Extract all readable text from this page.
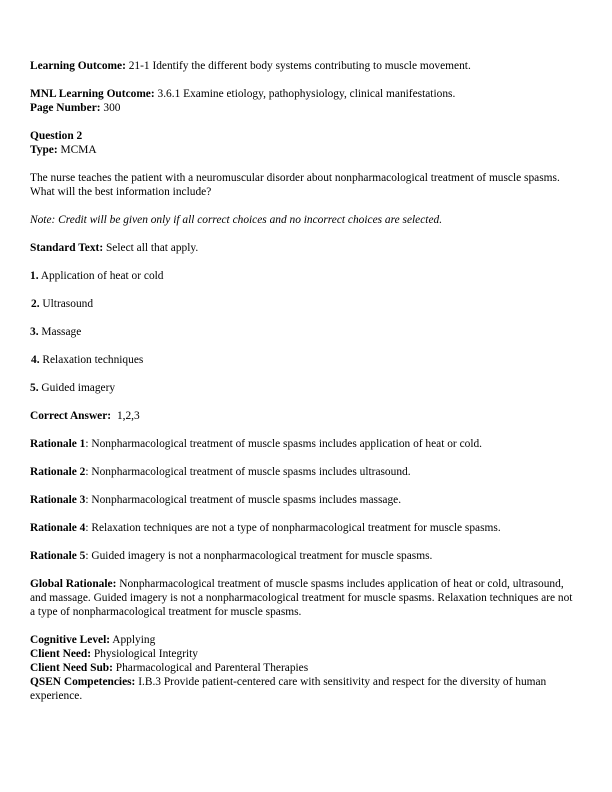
Learning Outcome: 21-1 Identify the different body systems contributing to muscle movement.
MNL Learning Outcome: 3.6.1 Examine etiology, pathophysiology, clinical manifestations.
Page Number: 300
Question 2
Type: MCMA
The nurse teaches the patient with a neuromuscular disorder about nonpharmacological treatment of muscle spasms. What will the best information include?
Note: Credit will be given only if all correct choices and no incorrect choices are selected.
Standard Text: Select all that apply.
1. Application of heat or cold
2. Ultrasound
3. Massage
4. Relaxation techniques
5. Guided imagery
Correct Answer: 1,2,3
Rationale 1: Nonpharmacological treatment of muscle spasms includes application of heat or cold.
Rationale 2: Nonpharmacological treatment of muscle spasms includes ultrasound.
Rationale 3: Nonpharmacological treatment of muscle spasms includes massage.
Rationale 4: Relaxation techniques are not a type of nonpharmacological treatment for muscle spasms.
Rationale 5: Guided imagery is not a nonpharmacological treatment for muscle spasms.
Global Rationale: Nonpharmacological treatment of muscle spasms includes application of heat or cold, ultrasound, and massage. Guided imagery is not a nonpharmacological treatment for muscle spasms. Relaxation techniques are not a type of nonpharmacological treatment for muscle spasms.
Cognitive Level: Applying
Client Need: Physiological Integrity
Client Need Sub: Pharmacological and Parenteral Therapies
QSEN Competencies: I.B.3 Provide patient-centered care with sensitivity and respect for the diversity of human experience.
